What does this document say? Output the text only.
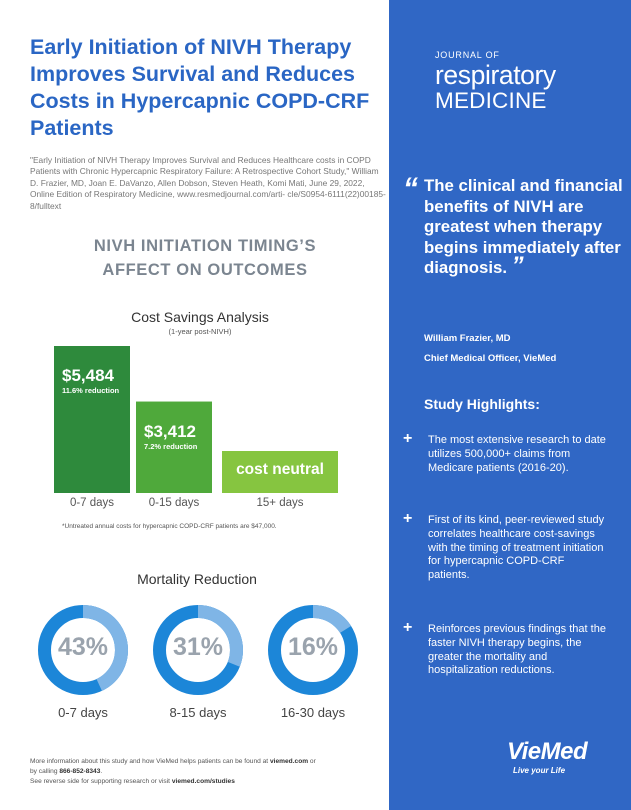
Early Initiation of NIVH Therapy Improves Survival and Reduces Costs in Hypercapnic COPD-CRF Patients

"Early Initiation of NIVH Therapy Improves Survival and Reduces Healthcare costs in COPD Patients with Chronic Hypercapnic Respiratory Failure: A Retrospective Cohort Study," William D. Frazier, MD, Joan E. DaVanzo, Allen Dobson, Steven Heath, Komi Mati, June 29, 2022, Online Edition of Respiratory Medicine, www.resmedjournal.com/arti- cle/S0954-6111(22)00185-8/fulltext

NIVH INITIATION TIMING’S
AFFECT ON OUTCOMES
Cost Savings Analysis
(1-year post-NIVH)
$5,484
11.6% reduction
0-7 days
$3,412
7.2% reduction
0-15 days
cost neutral
15+ days
*Untreated annual costs for hypercapnic COPD-CRF patients are $47,000.
Mortality Reduction
43%
0-7 days
31%
8-15 days
16%
16-30 days
More information about this study and how VieMed helps patients can be found at viemed.com or
by calling 866-852-8343.
See reverse side for supporting research or visit viemed.com/studies
JOURNAL OF
respiratory
MEDICINE
“ The clinical and financial benefits of NIVH are greatest when therapy begins immediately after diagnosis. ”
William Frazier, MD
Chief Medical Officer, VieMed
Study Highlights:
+ The most extensive research to date utilizes 500,000+ claims from Medicare patients (2016-20).
+ First of its kind, peer-reviewed study correlates healthcare cost-savings with the timing of treatment initiation for hypercapnic COPD-CRF patients.
+ Reinforces previous findings that the faster NIVH therapy begins, the greater the mortality and hospitalization reductions.
VieMed
Live your Life
